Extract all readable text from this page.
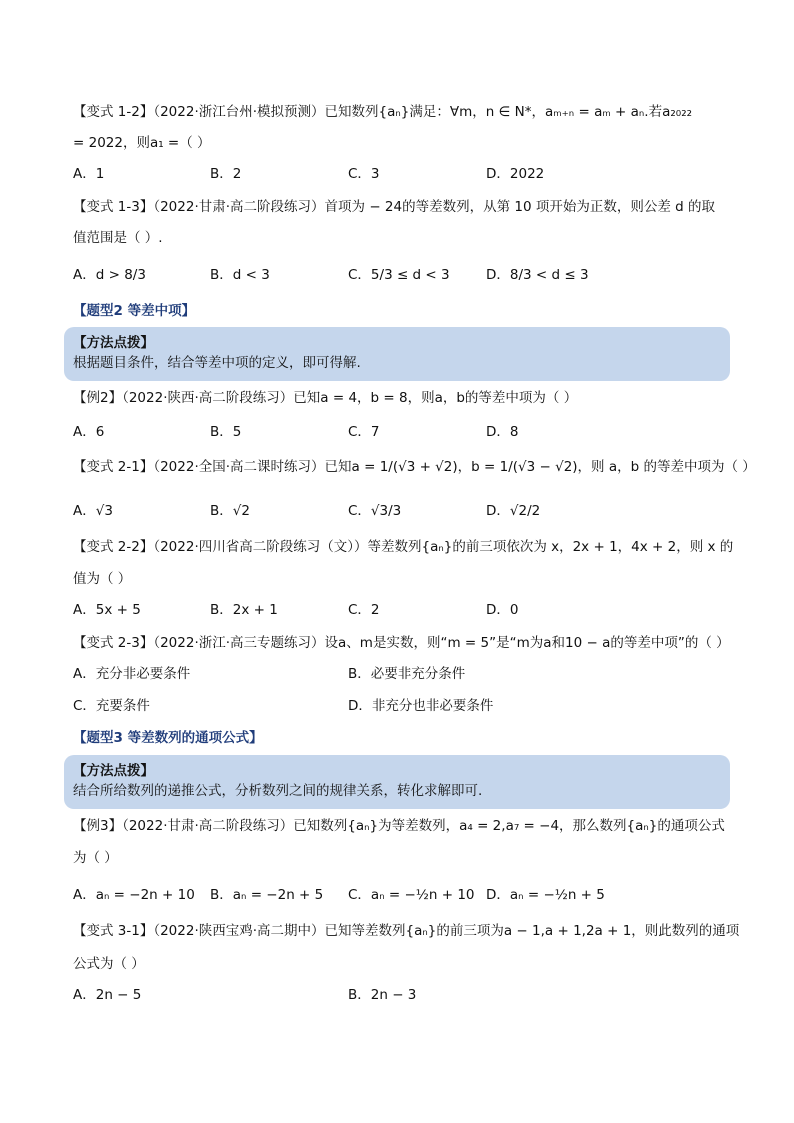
【变式 1-2】（2022·浙江台州·模拟预测）已知数列{aₙ}满足：∀m，n ∈ N*，aₘ₊ₙ = aₘ + aₙ.若a₂₀₂₂
= 2022，则a₁ =（ ）
A．1	B．2	C．3	D．2022
【变式 1-3】（2022·甘肃·高二阶段练习）首项为 − 24的等差数列，从第 10 项开始为正数，则公差 d 的取
值范围是（ ）.
A．d > 8/3	B．d < 3	C．5/3 ≤ d < 3	D．8/3 < d ≤ 3
【题型2 等差中项】
【方法点拨】
根据题目条件，结合等差中项的定义，即可得解.
【例2】（2022·陕西·高二阶段练习）已知a = 4，b = 8，则a，b的等差中项为（ ）
A．6	B．5	C．7	D．8
【变式 2-1】（2022·全国·高二课时练习）已知a = 1/(√3 + √2)，b = 1/(√3 − √2)，则 a，b 的等差中项为（ ）
A．√3	B．√2	C．√3/3	D．√2/2
【变式 2-2】（2022·四川省高二阶段练习（文））等差数列{aₙ}的前三项依次为 x，2x + 1，4x + 2，则 x 的
值为（ ）
A．5x + 5	B．2x + 1	C．2	D．0
【变式 2-3】（2022·浙江·高三专题练习）设a、m是实数，则“m = 5”是“m为a和10 − a的等差中项”的（ ）
A．充分非必要条件	B．必要非充分条件
C．充要条件	D．非充分也非必要条件
【题型3 等差数列的通项公式】
【方法点拨】
结合所给数列的递推公式，分析数列之间的规律关系，转化求解即可.
【例3】（2022·甘肃·高二阶段练习）已知数列{aₙ}为等差数列，a₄ = 2,a₇ = −4，那么数列{aₙ}的通项公式
为（ ）
A．aₙ = −2n + 10 B．aₙ = −2n + 5 C．aₙ = −½n + 10 D．aₙ = −½n + 5
【变式 3-1】（2022·陕西宝鸡·高二期中）已知等差数列{aₙ}的前三项为a − 1,a + 1,2a + 1，则此数列的通项
公式为（ ）
A．2n − 5	B．2n − 3
